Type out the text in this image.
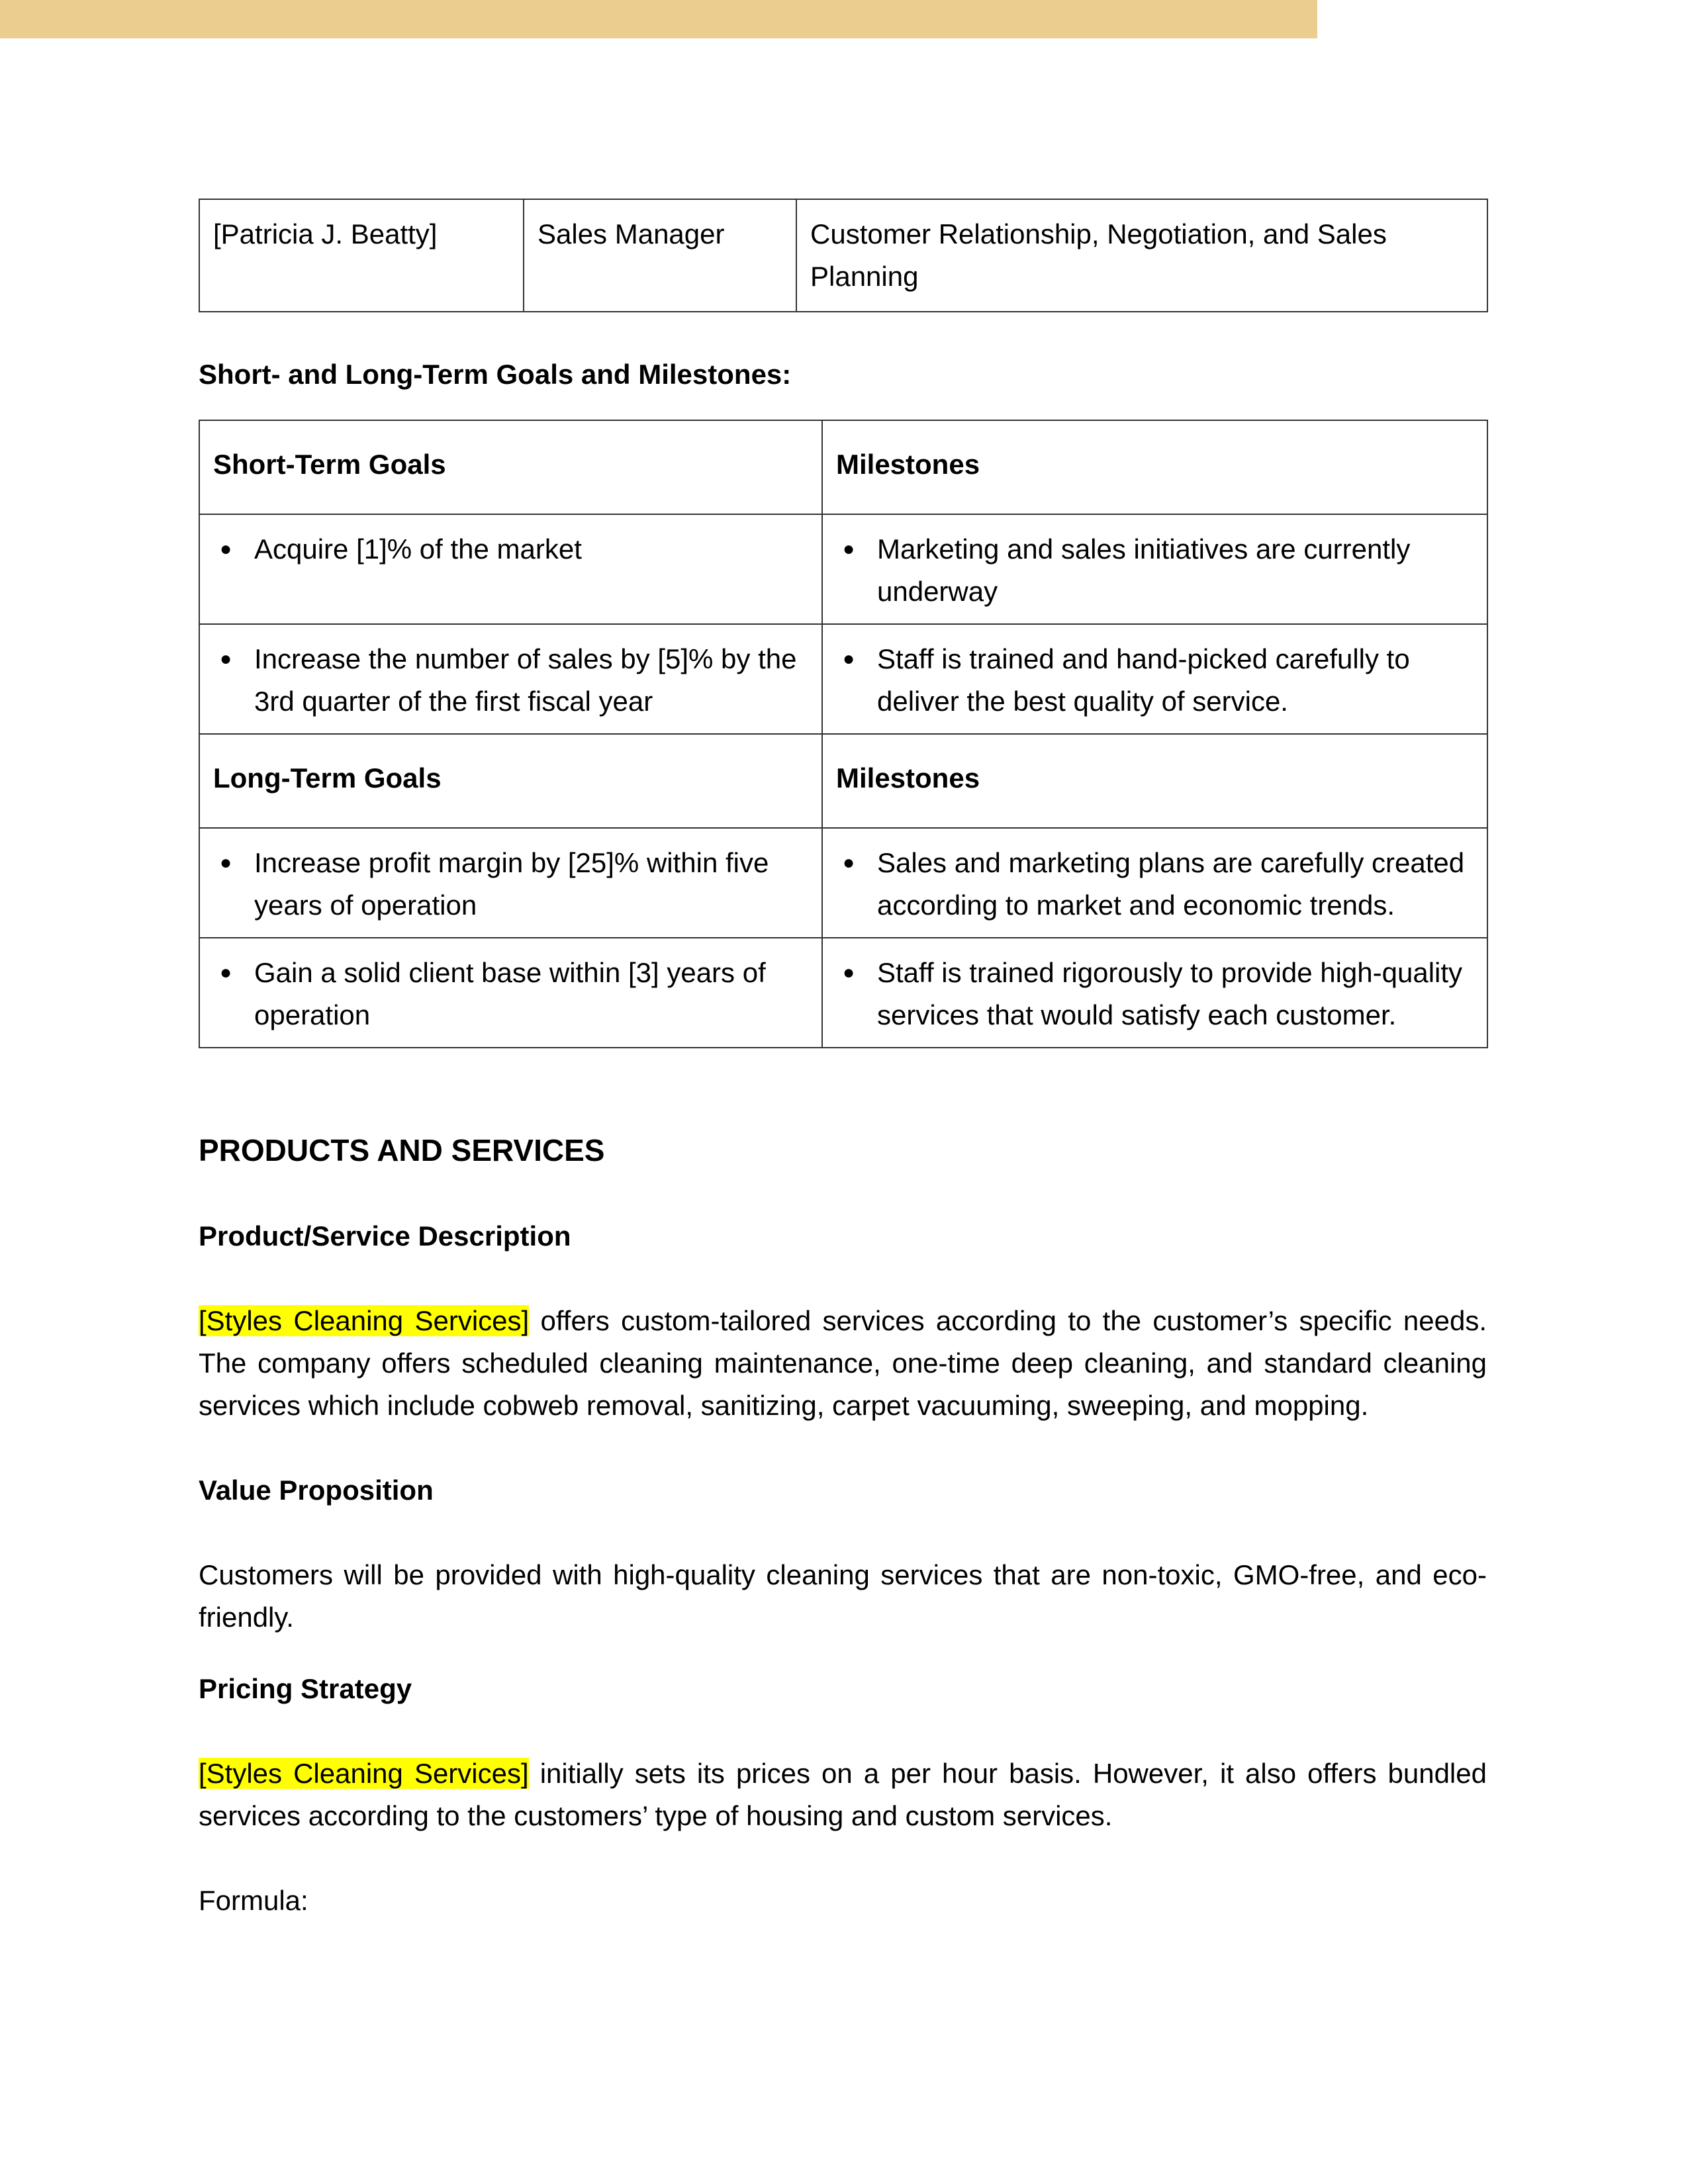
[Patricia J. Beatty]	Sales Manager	Customer Relationship, Negotiation, and Sales Planning
Short- and Long-Term Goals and Milestones:
Short-Term Goals	Milestones

● Acquire [1]% of the market	● Marketing and sales initiatives are currently underway

● Increase the number of sales by [5]% by the 3rd quarter of the first fiscal year	● Staff is trained and hand-picked carefully to deliver the best quality of service.

Long-Term Goals	Milestones

● Increase profit margin by [25]% within five years of operation	● Sales and marketing plans are carefully created according to market and economic trends.

● Gain a solid client base within [3] years of operation	● Staff is trained rigorously to provide high-quality services that would satisfy each customer.
PRODUCTS AND SERVICES
Product/Service Description

[Styles Cleaning Services] offers custom-tailored services according to the customer’s specific needs. The company offers scheduled cleaning maintenance, one-time deep cleaning, and standard cleaning services which include cobweb removal, sanitizing, carpet vacuuming, sweeping, and mopping.

Value Proposition

Customers will be provided with high-quality cleaning services that are non-toxic, GMO-free, and eco-friendly.

Pricing Strategy

[Styles Cleaning Services] initially sets its prices on a per hour basis. However, it also offers bundled services according to the customers’ type of housing and custom services.

Formula:
